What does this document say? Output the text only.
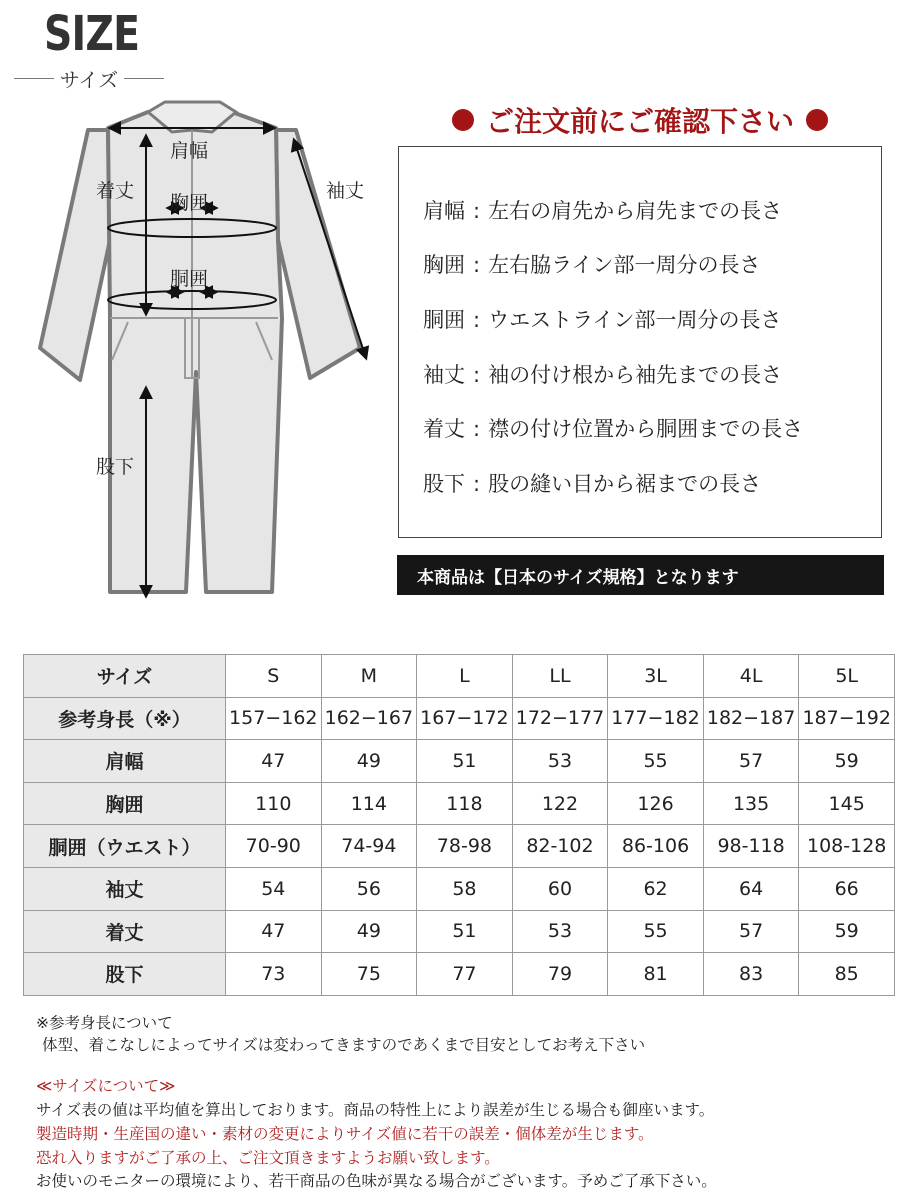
SIZE
サイズ
肩幅
着丈
胸囲
袖丈
胴囲
股下
ご注文前にご確認下さい
肩幅 : 左右の肩先から肩先までの長さ
胸囲 : 左右脇ライン部一周分の長さ
胴囲 : ウエストライン部一周分の長さ
袖丈 : 袖の付け根から袖先までの長さ
着丈 : 襟の付け位置から胴囲までの長さ
股下 : 股の縫い目から裾までの長さ
本商品は【日本のサイズ規格】となります
サイズ	S	M	L	LL	3L	4L	5L
参考身長（※）	157−162	162−167	167−172	172−177	177−182	182−187	187−192
肩幅	47	49	51	53	55	57	59
胸囲	110	114	118	122	126	135	145
胴囲（ウエスト）	70-90	74-94	78-98	82-102	86-106	98-118	108-128
袖丈	54	56	58	60	62	64	66
着丈	47	49	51	53	55	57	59
股下	73	75	77	79	81	83	85
※参考身長について
体型、着こなしによってサイズは変わってきますのであくまで目安としてお考え下さい
≪サイズについて≫
サイズ表の値は平均値を算出しております。商品の特性上により誤差が生じる場合も御座います。
製造時期・生産国の違い・素材の変更によりサイズ値に若干の誤差・個体差が生じます。
恐れ入りますがご了承の上、ご注文頂きますようお願い致します。
お使いのモニターの環境により、若干商品の色味が異なる場合がございます。予めご了承下さい。
